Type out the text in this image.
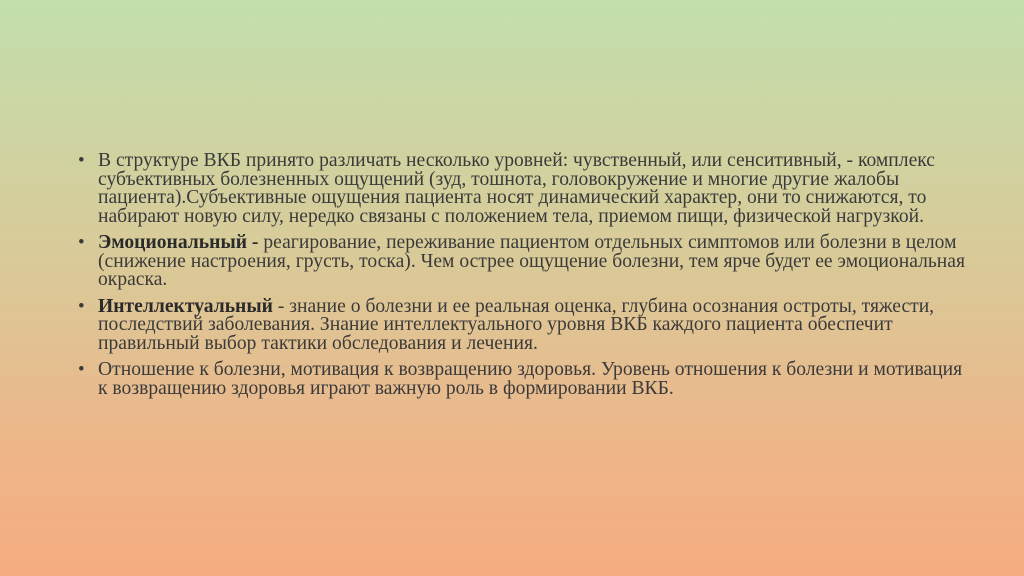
• В структуре ВКБ принято различать несколько уровней: чувственный, или сенситивный, - комплекс субъективных болезненных ощущений (зуд, тошнота, головокружение и многие другие жалобы пациента).Субъективные ощущения пациента носят динамический характер, они то снижаются, то набирают новую силу, нередко связаны с положением тела, приемом пищи, физической нагрузкой.
• Эмоциональный - реагирование, переживание пациентом отдельных симптомов или болезни в целом (снижение настроения, грусть, тоска). Чем острее ощущение болезни, тем ярче будет ее эмоциональная окраска.
• Интеллектуальный - знание о болезни и ее реальная оценка, глубина осознания остроты, тяжести, последствий заболевания. Знание интеллектуального уровня ВКБ каждого пациента обеспечит правильный выбор тактики обследования и лечения.
• Отношение к болезни, мотивация к возвращению здоровья. Уровень отношения к болезни и мотивация к возвращению здоровья играют важную роль в формировании ВКБ.
